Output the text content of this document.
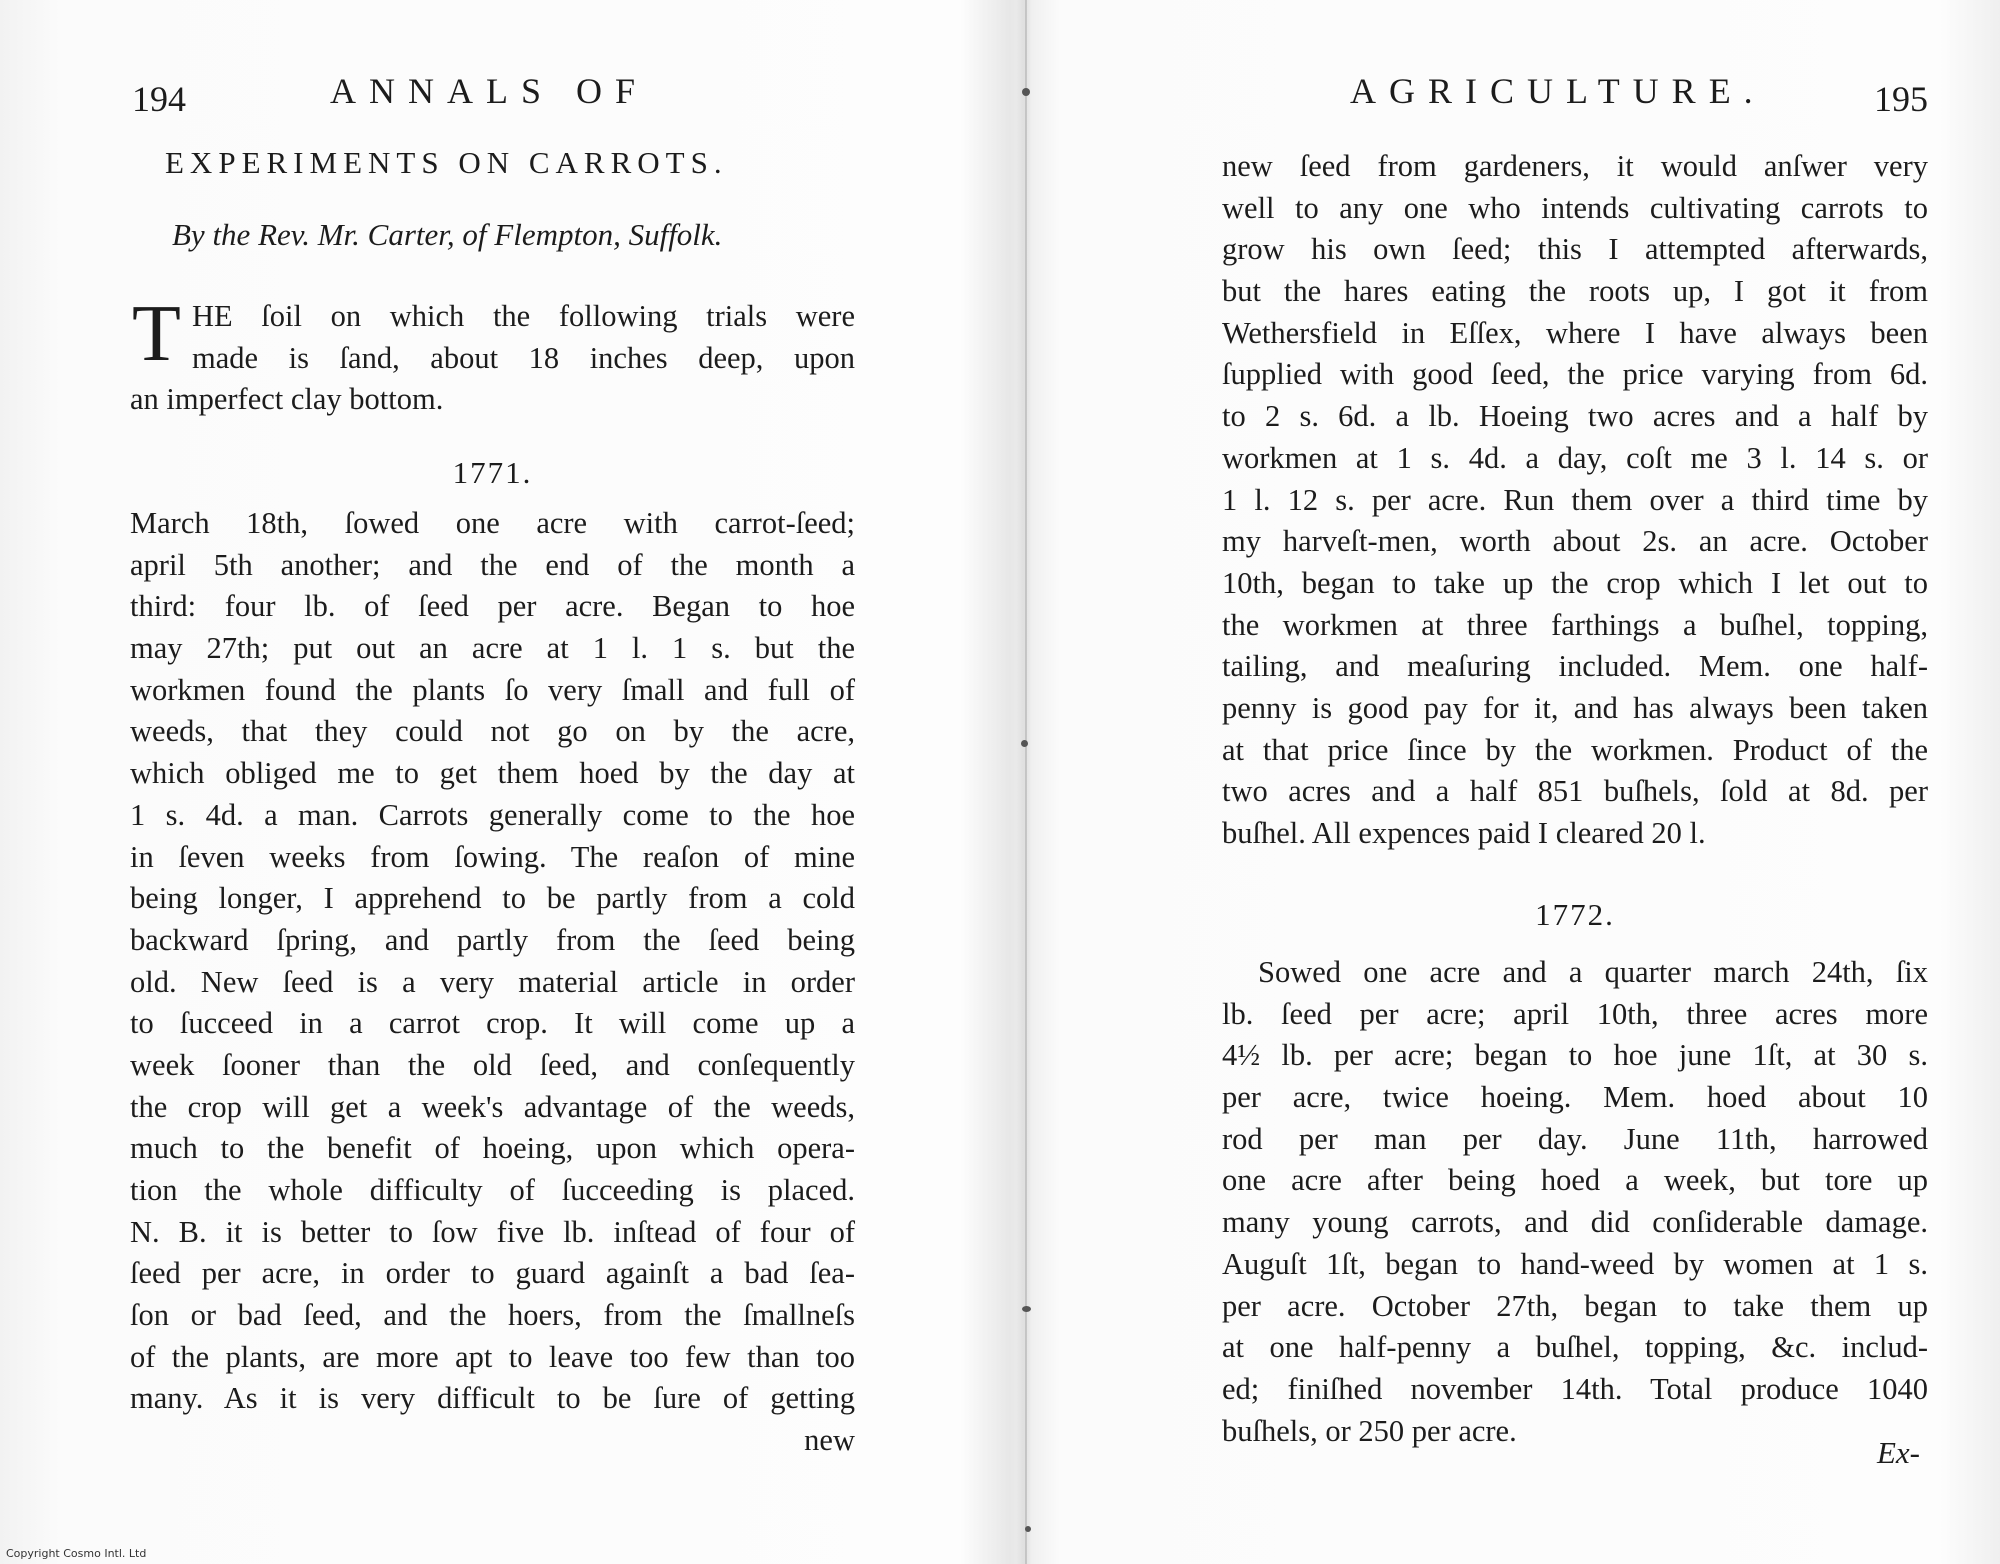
194	ANNALS OF
EXPERIMENTS ON CARROTS.
By the Rev. Mr. Carter, of Flempton, Suffolk.
T HE ſoil on which the following trials were
made is ſand, about 18 inches deep, upon
an imperfect clay bottom.
1771.
March 18th, ſowed one acre with carrot-ſeed;
april 5th another; and the end of the month a
third: four lb. of ſeed per acre. Began to hoe
may 27th; put out an acre at 1 l. 1 s. but the
workmen found the plants ſo very ſmall and full of
weeds, that they could not go on by the acre,
which obliged me to get them hoed by the day at
1 s. 4d. a man. Carrots generally come to the hoe
in ſeven weeks from ſowing. The reaſon of mine
being longer, I apprehend to be partly from a cold
backward ſpring, and partly from the ſeed being
old. New ſeed is a very material article in order
to ſucceed in a carrot crop. It will come up a
week ſooner than the old ſeed, and conſequently
the crop will get a week's advantage of the weeds,
much to the benefit of hoeing, upon which opera-
tion the whole difficulty of ſucceeding is placed.
N. B. it is better to ſow five lb. inſtead of four of
ſeed per acre, in order to guard againſt a bad ſea-
ſon or bad ſeed, and the hoers, from the ſmallneſs
of the plants, are more apt to leave too few than too
many. As it is very difficult to be ſure of getting
new
AGRICULTURE.	195
new ſeed from gardeners, it would anſwer very
well to any one who intends cultivating carrots to
grow his own ſeed; this I attempted afterwards,
but the hares eating the roots up, I got it from
Wethersfield in Eſſex, where I have always been
ſupplied with good ſeed, the price varying from 6d.
to 2 s. 6d. a lb. Hoeing two acres and a half by
workmen at 1 s. 4d. a day, coſt me 3 l. 14 s. or
1 l. 12 s. per acre. Run them over a third time by
my harveſt-men, worth about 2s. an acre. October
10th, began to take up the crop which I let out to
the workmen at three farthings a buſhel, topping,
tailing, and meaſuring included. Mem. one half-
penny is good pay for it, and has always been taken
at that price ſince by the workmen. Product of the
two acres and a half 851 buſhels, ſold at 8d. per
buſhel. All expences paid I cleared 20 l.
1772.
Sowed one acre and a quarter march 24th, ſix
lb. ſeed per acre; april 10th, three acres more
4½ lb. per acre; began to hoe june 1ſt, at 30 s.
per acre, twice hoeing. Mem. hoed about 10
rod per man per day. June 11th, harrowed
one acre after being hoed a week, but tore up
many young carrots, and did conſiderable damage.
Auguſt 1ſt, began to hand-weed by women at 1 s.
per acre. October 27th, began to take them up
at one half-penny a buſhel, topping, &c. includ-
ed; finiſhed november 14th. Total produce 1040
buſhels, or 250 per acre.
Ex-
Copyright Cosmo Intl. Ltd
